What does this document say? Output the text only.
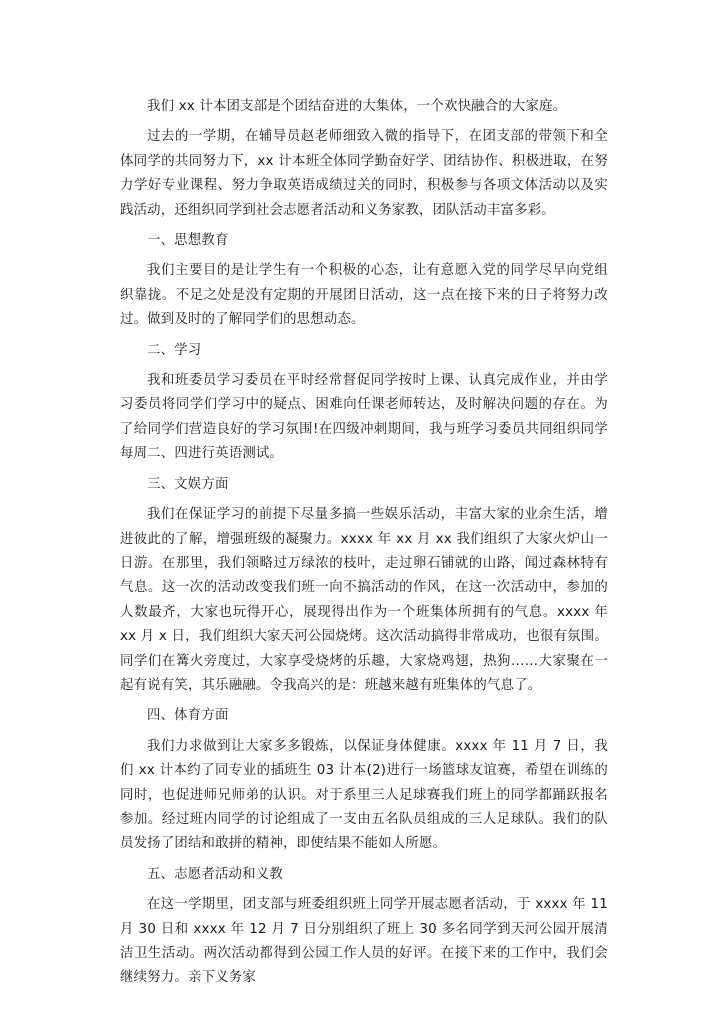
我们 xx 计本团支部是个团结奋进的大集体，一个欢快融合的大家庭。

过去的一学期，在辅导员赵老师细致入微的指导下，在团支部的带领下和全体同学的共同努力下，xx 计本班全体同学勤奋好学、团结协作、积极进取，在努力学好专业课程、努力争取英语成绩过关的同时，积极参与各项文体活动以及实践活动，还组织同学到社会志愿者活动和义务家教，团队活动丰富多彩。

一、思想教育

我们主要目的是让学生有一个积极的心态，让有意愿入党的同学尽早向党组织靠拢。不足之处是没有定期的开展团日活动，这一点在接下来的日子将努力改过。做到及时的了解同学们的思想动态。

二、学习

我和班委员学习委员在平时经常督促同学按时上课、认真完成作业，并由学习委员将同学们学习中的疑点、困难向任课老师转达，及时解决问题的存在。为了给同学们营造良好的学习氛围!在四级冲刺期间，我与班学习委员共同组织同学每周二、四进行英语测试。

三、文娱方面

我们在保证学习的前提下尽量多搞一些娱乐活动，丰富大家的业余生活，增进彼此的了解，增强班级的凝聚力。xxxx 年 xx 月 xx 我们组织了大家火炉山一日游。在那里，我们领略过万绿浓的枝叶，走过卵石铺就的山路，闻过森林特有气息。这一次的活动改变我们班一向不搞活动的作风，在这一次活动中，参加的人数最齐，大家也玩得开心，展现得出作为一个班集体所拥有的气息。xxxx 年 xx 月 x 日，我们组织大家天河公园烧烤。这次活动搞得非常成功，也很有氛围。同学们在篝火旁度过，大家享受烧烤的乐趣，大家烧鸡翅，热狗……大家聚在一起有说有笑，其乐融融。令我高兴的是：班越来越有班集体的气息了。

四、体育方面

我们力求做到让大家多多锻炼，以保证身体健康。xxxx 年 11 月 7 日，我们 xx 计本约了同专业的插班生 03 计本(2)进行一场篮球友谊赛，希望在训练的同时，也促进师兄师弟的认识。对于系里三人足球赛我们班上的同学都踊跃报名参加。经过班内同学的讨论组成了一支由五名队员组成的三人足球队。我们的队员发扬了团结和敢拼的精神，即使结果不能如人所愿。

五、志愿者活动和义教

在这一学期里，团支部与班委组织班上同学开展志愿者活动，于 xxxx 年 11 月 30 日和 xxxx 年 12 月 7 日分别组织了班上 30 多名同学到天河公园开展清洁卫生活动。两次活动都得到公园工作人员的好评。在接下来的工作中，我们会继续努力。亲下义务家
